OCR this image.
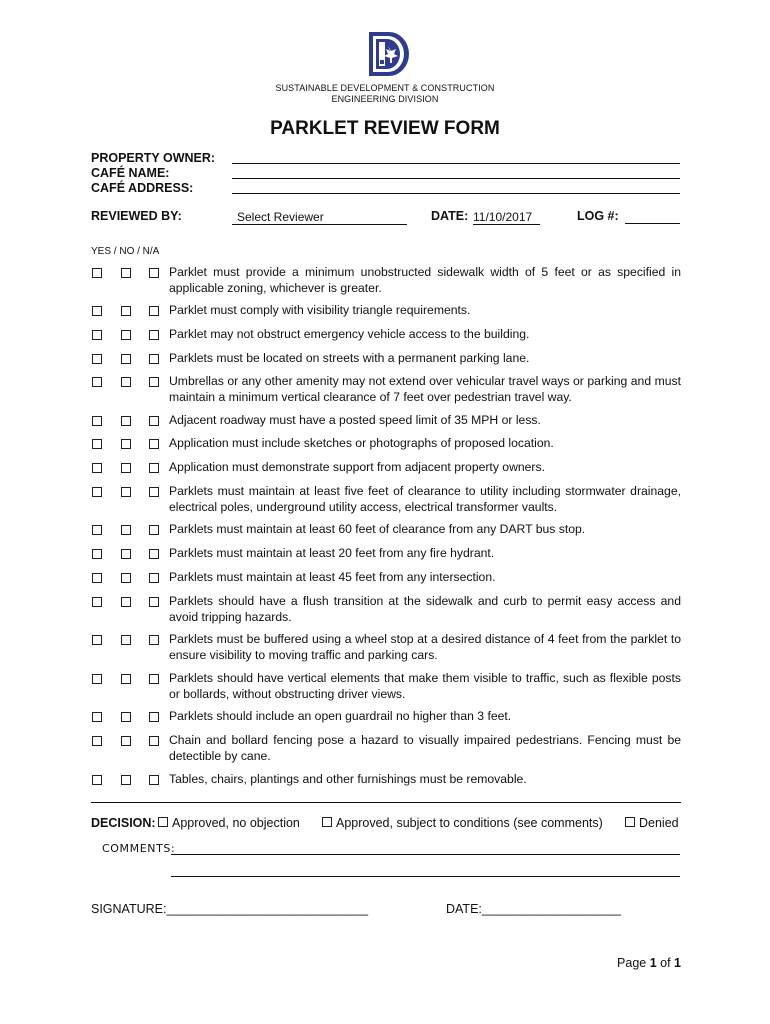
SUSTAINABLE DEVELOPMENT & CONSTRUCTION
ENGINEERING DIVISION
PARKLET REVIEW FORM
PROPERTY OWNER:
CAFÉ NAME:
CAFÉ ADDRESS:
REVIEWED BY:	Select Reviewer	DATE: 11/10/2017	LOG #:
YES / NO / N/A
Parklet must provide a minimum unobstructed sidewalk width of 5 feet or as specified in applicable zoning, whichever is greater.
Parklet must comply with visibility triangle requirements.
Parklet may not obstruct emergency vehicle access to the building.
Parklets must be located on streets with a permanent parking lane.
Umbrellas or any other amenity may not extend over vehicular travel ways or parking and must maintain a minimum vertical clearance of 7 feet over pedestrian travel way.
Adjacent roadway must have a posted speed limit of 35 MPH or less.
Application must include sketches or photographs of proposed location.
Application must demonstrate support from adjacent property owners.
Parklets must maintain at least five feet of clearance to utility including stormwater drainage, electrical poles, underground utility access, electrical transformer vaults.
Parklets must maintain at least 60 feet of clearance from any DART bus stop.
Parklets must maintain at least 20 feet from any fire hydrant.
Parklets must maintain at least 45 feet from any intersection.
Parklets should have a flush transition at the sidewalk and curb to permit easy access and avoid tripping hazards.
Parklets must be buffered using a wheel stop at a desired distance of 4 feet from the parklet to ensure visibility to moving traffic and parking cars.
Parklets should have vertical elements that make them visible to traffic, such as flexible posts or bollards, without obstructing driver views.
Parklets should include an open guardrail no higher than 3 feet.
Chain and bollard fencing pose a hazard to visually impaired pedestrians. Fencing must be detectible by cane.
Tables, chairs, plantings and other furnishings must be removable.
DECISION:	Approved, no objection	Approved, subject to conditions (see comments)	Denied
COMMENTS:
SIGNATURE:_____________________________	DATE:____________________
Page 1 of 1
